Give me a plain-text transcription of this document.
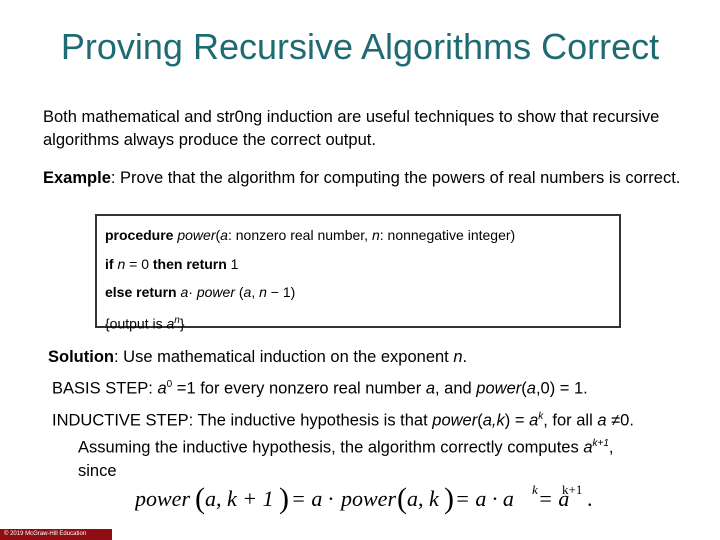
Proving Recursive Algorithms Correct
Both mathematical and str0ng induction are useful techniques to show that recursive algorithms always produce the correct output.
Example: Prove that the algorithm for computing the powers of real numbers is correct.
procedure power(a: nonzero real number, n: nonnegative integer)
if n = 0 then return 1
else return a· power (a, n − 1)
{output is $a^n$}
Solution: Use mathematical induction on the exponent n.
BASIS STEP: $a^0 =1$ for every nonzero real number a, and power(a,0) = 1.
INDUCTIVE STEP: The inductive hypothesis is that power(a,k) = $a^k$, for all a ≠0.
Assuming the inductive hypothesis, the algorithm correctly computes $a^{k+1}$,
since
power ( a, k + 1 ) = a · power ( a, k ) = a · a k = a
k+1 .
© 2019 McGraw-Hill Education
